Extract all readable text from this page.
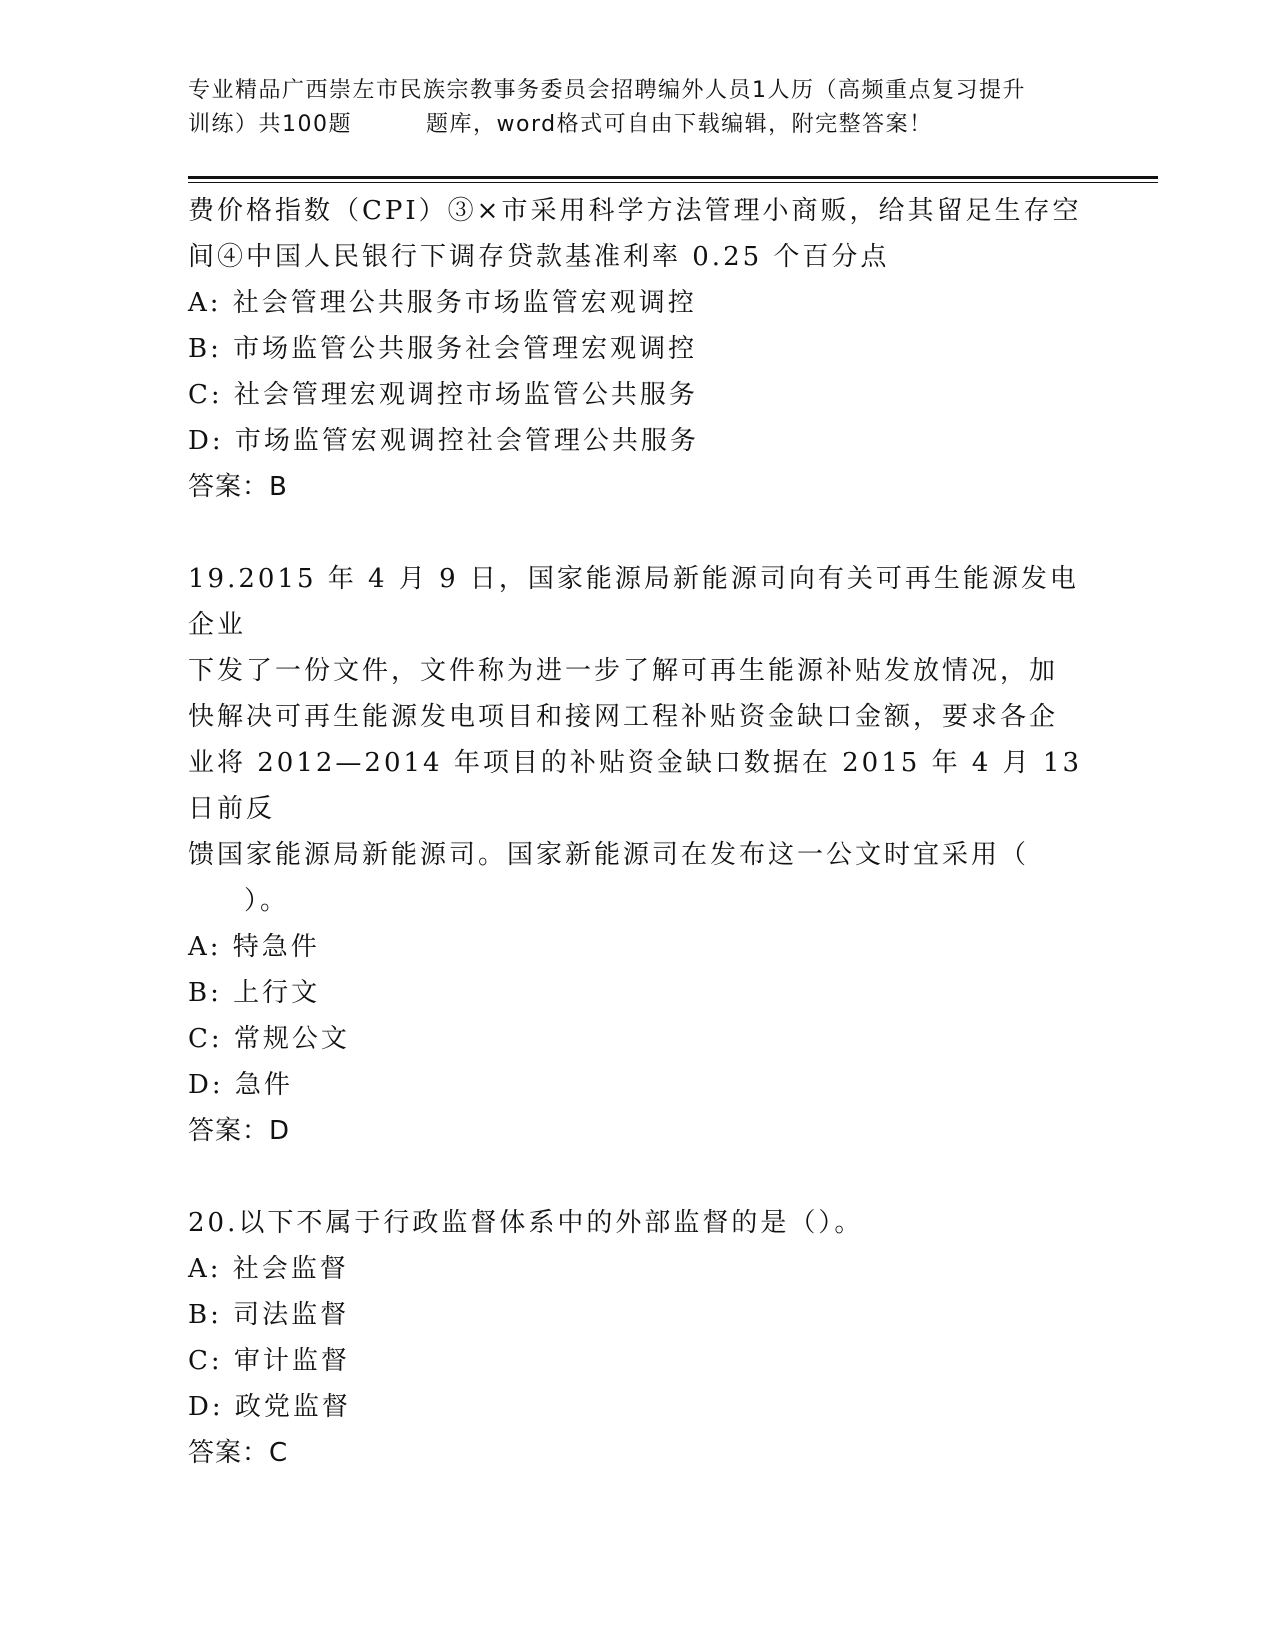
专业精品广西崇左市民族宗教事务委员会招聘编外人员1人历（高频重点复习提升
训练）共100题	题库，word格式可自由下载编辑，附完整答案！

费价格指数（CPI）③×市采用科学方法管理小商贩，给其留足生存空

间④中国人民银行下调存贷款基准利率 0.25 个百分点

A: 社会管理公共服务市场监管宏观调控

B: 市场监管公共服务社会管理宏观调控

C: 社会管理宏观调控市场监管公共服务

D: 市场监管宏观调控社会管理公共服务

答案：B

19.2015 年 4 月 9 日，国家能源局新能源司向有关可再生能源发电企业

下发了一份文件，文件称为进一步了解可再生能源补贴发放情况，加

快解决可再生能源发电项目和接网工程补贴资金缺口金额，要求各企

业将 2012—2014 年项目的补贴资金缺口数据在 2015 年 4 月 13 日前反

馈国家能源局新能源司。国家新能源司在发布这一公文时宜采用（

）。

A: 特急件

B: 上行文

C: 常规公文

D: 急件

答案：D

20.以下不属于行政监督体系中的外部监督的是（）。

A: 社会监督

B: 司法监督

C: 审计监督

D: 政党监督

答案：C
